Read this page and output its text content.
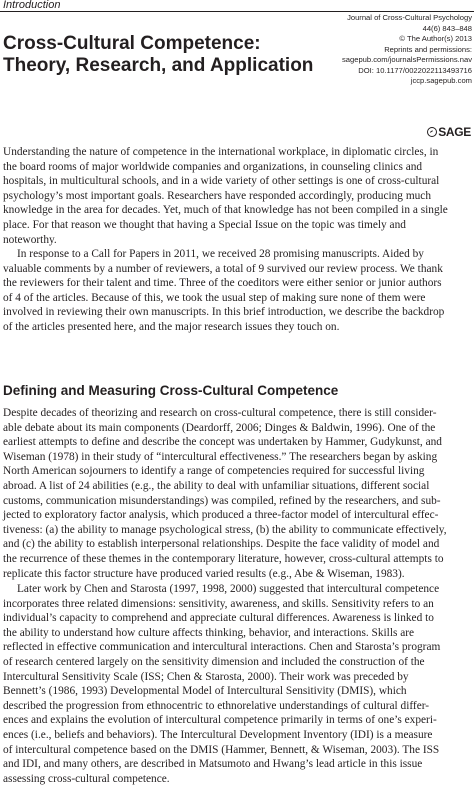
Introduction
Cross-Cultural Competence:
Theory, Research, and Application
Journal of Cross-Cultural Psychology
44(6) 843–848
© The Author(s) 2013
Reprints and permissions:
sagepub.com/journalsPermissions.nav
DOI: 10.1177/0022022113493716
jccp.sagepub.com
SAGE

Understanding the nature of competence in the international workplace, in diplomatic circles, in
the board rooms of major worldwide companies and organizations, in counseling clinics and
hospitals, in multicultural schools, and in a wide variety of other settings is one of cross-cultural
psychology’s most important goals. Researchers have responded accordingly, producing much
knowledge in the area for decades. Yet, much of that knowledge has not been compiled in a single
place. For that reason we thought that having a Special Issue on the topic was timely and
noteworthy.

In response to a Call for Papers in 2011, we received 28 promising manuscripts. Aided by
valuable comments by a number of reviewers, a total of 9 survived our review process. We thank
the reviewers for their talent and time. Three of the coeditors were either senior or junior authors
of 4 of the articles. Because of this, we took the usual step of making sure none of them were
involved in reviewing their own manuscripts. In this brief introduction, we describe the backdrop
of the articles presented here, and the major research issues they touch on.

Defining and Measuring Cross-Cultural Competence

Despite decades of theorizing and research on cross-cultural competence, there is still consider-
able debate about its main components (Deardorff, 2006; Dinges & Baldwin, 1996). One of the
earliest attempts to define and describe the concept was undertaken by Hammer, Gudykunst, and
Wiseman (1978) in their study of “intercultural effectiveness.” The researchers began by asking
North American sojourners to identify a range of competencies required for successful living
abroad. A list of 24 abilities (e.g., the ability to deal with unfamiliar situations, different social
customs, communication misunderstandings) was compiled, refined by the researchers, and sub-
jected to exploratory factor analysis, which produced a three-factor model of intercultural effec-
tiveness: (a) the ability to manage psychological stress, (b) the ability to communicate effectively,
and (c) the ability to establish interpersonal relationships. Despite the face validity of model and
the recurrence of these themes in the contemporary literature, however, cross-cultural attempts to
replicate this factor structure have produced varied results (e.g., Abe & Wiseman, 1983).

Later work by Chen and Starosta (1997, 1998, 2000) suggested that intercultural competence
incorporates three related dimensions: sensitivity, awareness, and skills. Sensitivity refers to an
individual’s capacity to comprehend and appreciate cultural differences. Awareness is linked to
the ability to understand how culture affects thinking, behavior, and interactions. Skills are
reflected in effective communication and intercultural interactions. Chen and Starosta’s program
of research centered largely on the sensitivity dimension and included the construction of the
Intercultural Sensitivity Scale (ISS; Chen & Starosta, 2000). Their work was preceded by
Bennett’s (1986, 1993) Developmental Model of Intercultural Sensitivity (DMIS), which
described the progression from ethnocentric to ethnorelative understandings of cultural differ-
ences and explains the evolution of intercultural competence primarily in terms of one’s experi-
ences (i.e., beliefs and behaviors). The Intercultural Development Inventory (IDI) is a measure
of intercultural competence based on the DMIS (Hammer, Bennett, & Wiseman, 2003). The ISS
and IDI, and many others, are described in Matsumoto and Hwang’s lead article in this issue
assessing cross-cultural competence.
